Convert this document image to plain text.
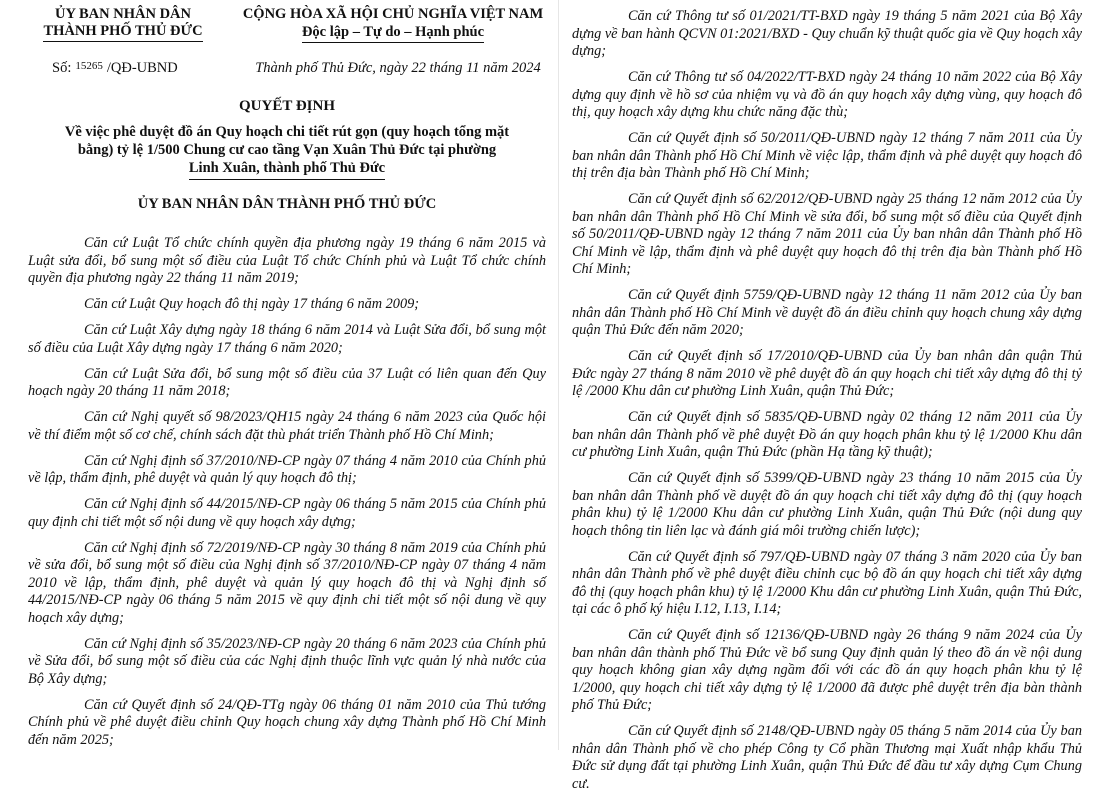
ỦY BAN NHÂN DÂN
THÀNH PHỐ THỦ ĐỨC
CỘNG HÒA XÃ HỘI CHỦ NGHĨA VIỆT NAM
Độc lập – Tự do – Hạnh phúc
Số: $^{15265}$ /QĐ-UBND	Thành phố Thủ Đức, ngày 22 tháng 11 năm 2024
QUYẾT ĐỊNH
Về việc phê duyệt đồ án Quy hoạch chi tiết rút gọn (quy hoạch tổng mặt
bằng) tỷ lệ 1/500 Chung cư cao tầng Vạn Xuân Thủ Đức tại phường
Linh Xuân, thành phố Thủ Đức
ỦY BAN NHÂN DÂN THÀNH PHỐ THỦ ĐỨC

Căn cứ Luật Tổ chức chính quyền địa phương ngày 19 tháng 6 năm 2015 và Luật sửa đổi, bổ sung một số điều của Luật Tổ chức Chính phủ và Luật Tổ chức chính quyền địa phương ngày 22 tháng 11 năm 2019;

Căn cứ Luật Quy hoạch đô thị ngày 17 tháng 6 năm 2009;

Căn cứ Luật Xây dựng ngày 18 tháng 6 năm 2014 và Luật Sửa đổi, bổ sung một số điều của Luật Xây dựng ngày 17 tháng 6 năm 2020;

Căn cứ Luật Sửa đổi, bổ sung một số điều của 37 Luật có liên quan đến Quy hoạch ngày 20 tháng 11 năm 2018;

Căn cứ Nghị quyết số 98/2023/QH15 ngày 24 tháng 6 năm 2023 của Quốc hội về thí điểm một số cơ chế, chính sách đặt thù phát triển Thành phố Hồ Chí Minh;

Căn cứ Nghị định số 37/2010/NĐ-CP ngày 07 tháng 4 năm 2010 của Chính phủ về lập, thẩm định, phê duyệt và quản lý quy hoạch đô thị;

Căn cứ Nghị định số 44/2015/NĐ-CP ngày 06 tháng 5 năm 2015 của Chính phủ quy định chi tiết một số nội dung về quy hoạch xây dựng;

Căn cứ Nghị định số 72/2019/NĐ-CP ngày 30 tháng 8 năm 2019 của Chính phủ về sửa đổi, bổ sung một số điều của Nghị định số 37/2010/NĐ-CP ngày 07 tháng 4 năm 2010 về lập, thẩm định, phê duyệt và quản lý quy hoạch đô thị và Nghị định số 44/2015/NĐ-CP ngày 06 tháng 5 năm 2015 về quy định chi tiết một số nội dung về quy hoạch xây dựng;

Căn cứ Nghị định số 35/2023/NĐ-CP ngày 20 tháng 6 năm 2023 của Chính phủ về Sửa đổi, bổ sung một số điều của các Nghị định thuộc lĩnh vực quản lý nhà nước của Bộ Xây dựng;

Căn cứ Quyết định số 24/QĐ-TTg ngày 06 tháng 01 năm 2010 của Thủ tướng Chính phủ về phê duyệt điều chỉnh Quy hoạch chung xây dựng Thành phố Hồ Chí Minh đến năm 2025;

Căn cứ Thông tư số 01/2021/TT-BXD ngày 19 tháng 5 năm 2021 của Bộ Xây dựng về ban hành QCVN 01:2021/BXD - Quy chuẩn kỹ thuật quốc gia về Quy hoạch xây dựng;

Căn cứ Thông tư số 04/2022/TT-BXD ngày 24 tháng 10 năm 2022 của Bộ Xây dựng quy định về hồ sơ của nhiệm vụ và đồ án quy hoạch xây dựng vùng, quy hoạch đô thị, quy hoạch xây dựng khu chức năng đặc thù;

Căn cứ Quyết định số 50/2011/QĐ-UBND ngày 12 tháng 7 năm 2011 của Ủy ban nhân dân Thành phố Hồ Chí Minh về việc lập, thẩm định và phê duyệt quy hoạch đô thị trên địa bàn Thành phố Hồ Chí Minh;

Căn cứ Quyết định số 62/2012/QĐ-UBND ngày 25 tháng 12 năm 2012 của Ủy ban nhân dân Thành phố Hồ Chí Minh về sửa đổi, bổ sung một số điều của Quyết định số 50/2011/QĐ-UBND ngày 12 tháng 7 năm 2011 của Ủy ban nhân dân Thành phố Hồ Chí Minh về lập, thẩm định và phê duyệt quy hoạch đô thị trên địa bàn Thành phố Hồ Chí Minh;

Căn cứ Quyết định 5759/QĐ-UBND ngày 12 tháng 11 năm 2012 của Ủy ban nhân dân Thành phố Hồ Chí Minh về duyệt đồ án điều chỉnh quy hoạch chung xây dựng quận Thủ Đức đến năm 2020;

Căn cứ Quyết định số 17/2010/QĐ-UBND của Ủy ban nhân dân quận Thủ Đức ngày 27 tháng 8 năm 2010 về phê duyệt đồ án quy hoạch chi tiết xây dựng đô thị tỷ lệ /2000 Khu dân cư phường Linh Xuân, quận Thủ Đức;

Căn cứ Quyết định số 5835/QĐ-UBND ngày 02 tháng 12 năm 2011 của Ủy ban nhân dân Thành phố về phê duyệt Đồ án quy hoạch phân khu tỷ lệ 1/2000 Khu dân cư phường Linh Xuân, quận Thủ Đức (phần Hạ tầng kỹ thuật);

Căn cứ Quyết định số 5399/QĐ-UBND ngày 23 tháng 10 năm 2015 của Ủy ban nhân dân Thành phố về duyệt đồ án quy hoạch chi tiết xây dựng đô thị (quy hoạch phân khu) tỷ lệ 1/2000 Khu dân cư phường Linh Xuân, quận Thủ Đức (nội dung quy hoạch thông tin liên lạc và đánh giá môi trường chiến lược);

Căn cứ Quyết định số 797/QĐ-UBND ngày 07 tháng 3 năm 2020 của Ủy ban nhân dân Thành phố về phê duyệt điều chỉnh cục bộ đồ án quy hoạch chi tiết xây dựng đô thị (quy hoạch phân khu) tỷ lệ 1/2000 Khu dân cư phường Linh Xuân, quận Thủ Đức, tại các ô phố ký hiệu I.12, I.13, I.14;

Căn cứ Quyết định số 12136/QĐ-UBND ngày 26 tháng 9 năm 2024 của Ủy ban nhân dân thành phố Thủ Đức về bổ sung Quy định quản lý theo đồ án về nội dung quy hoạch không gian xây dựng ngầm đối với các đồ án quy hoạch phân khu tỷ lệ 1/2000, quy hoạch chi tiết xây dựng tỷ lệ 1/2000 đã được phê duyệt trên địa bàn thành phố Thủ Đức;

Căn cứ Quyết định số 2148/QĐ-UBND ngày 05 tháng 5 năm 2014 của Ủy ban nhân dân Thành phố về cho phép Công ty Cổ phần Thương mại Xuất nhập khẩu Thủ Đức sử dụng đất tại phường Linh Xuân, quận Thủ Đức để đầu tư xây dựng Cụm Chung cư.
